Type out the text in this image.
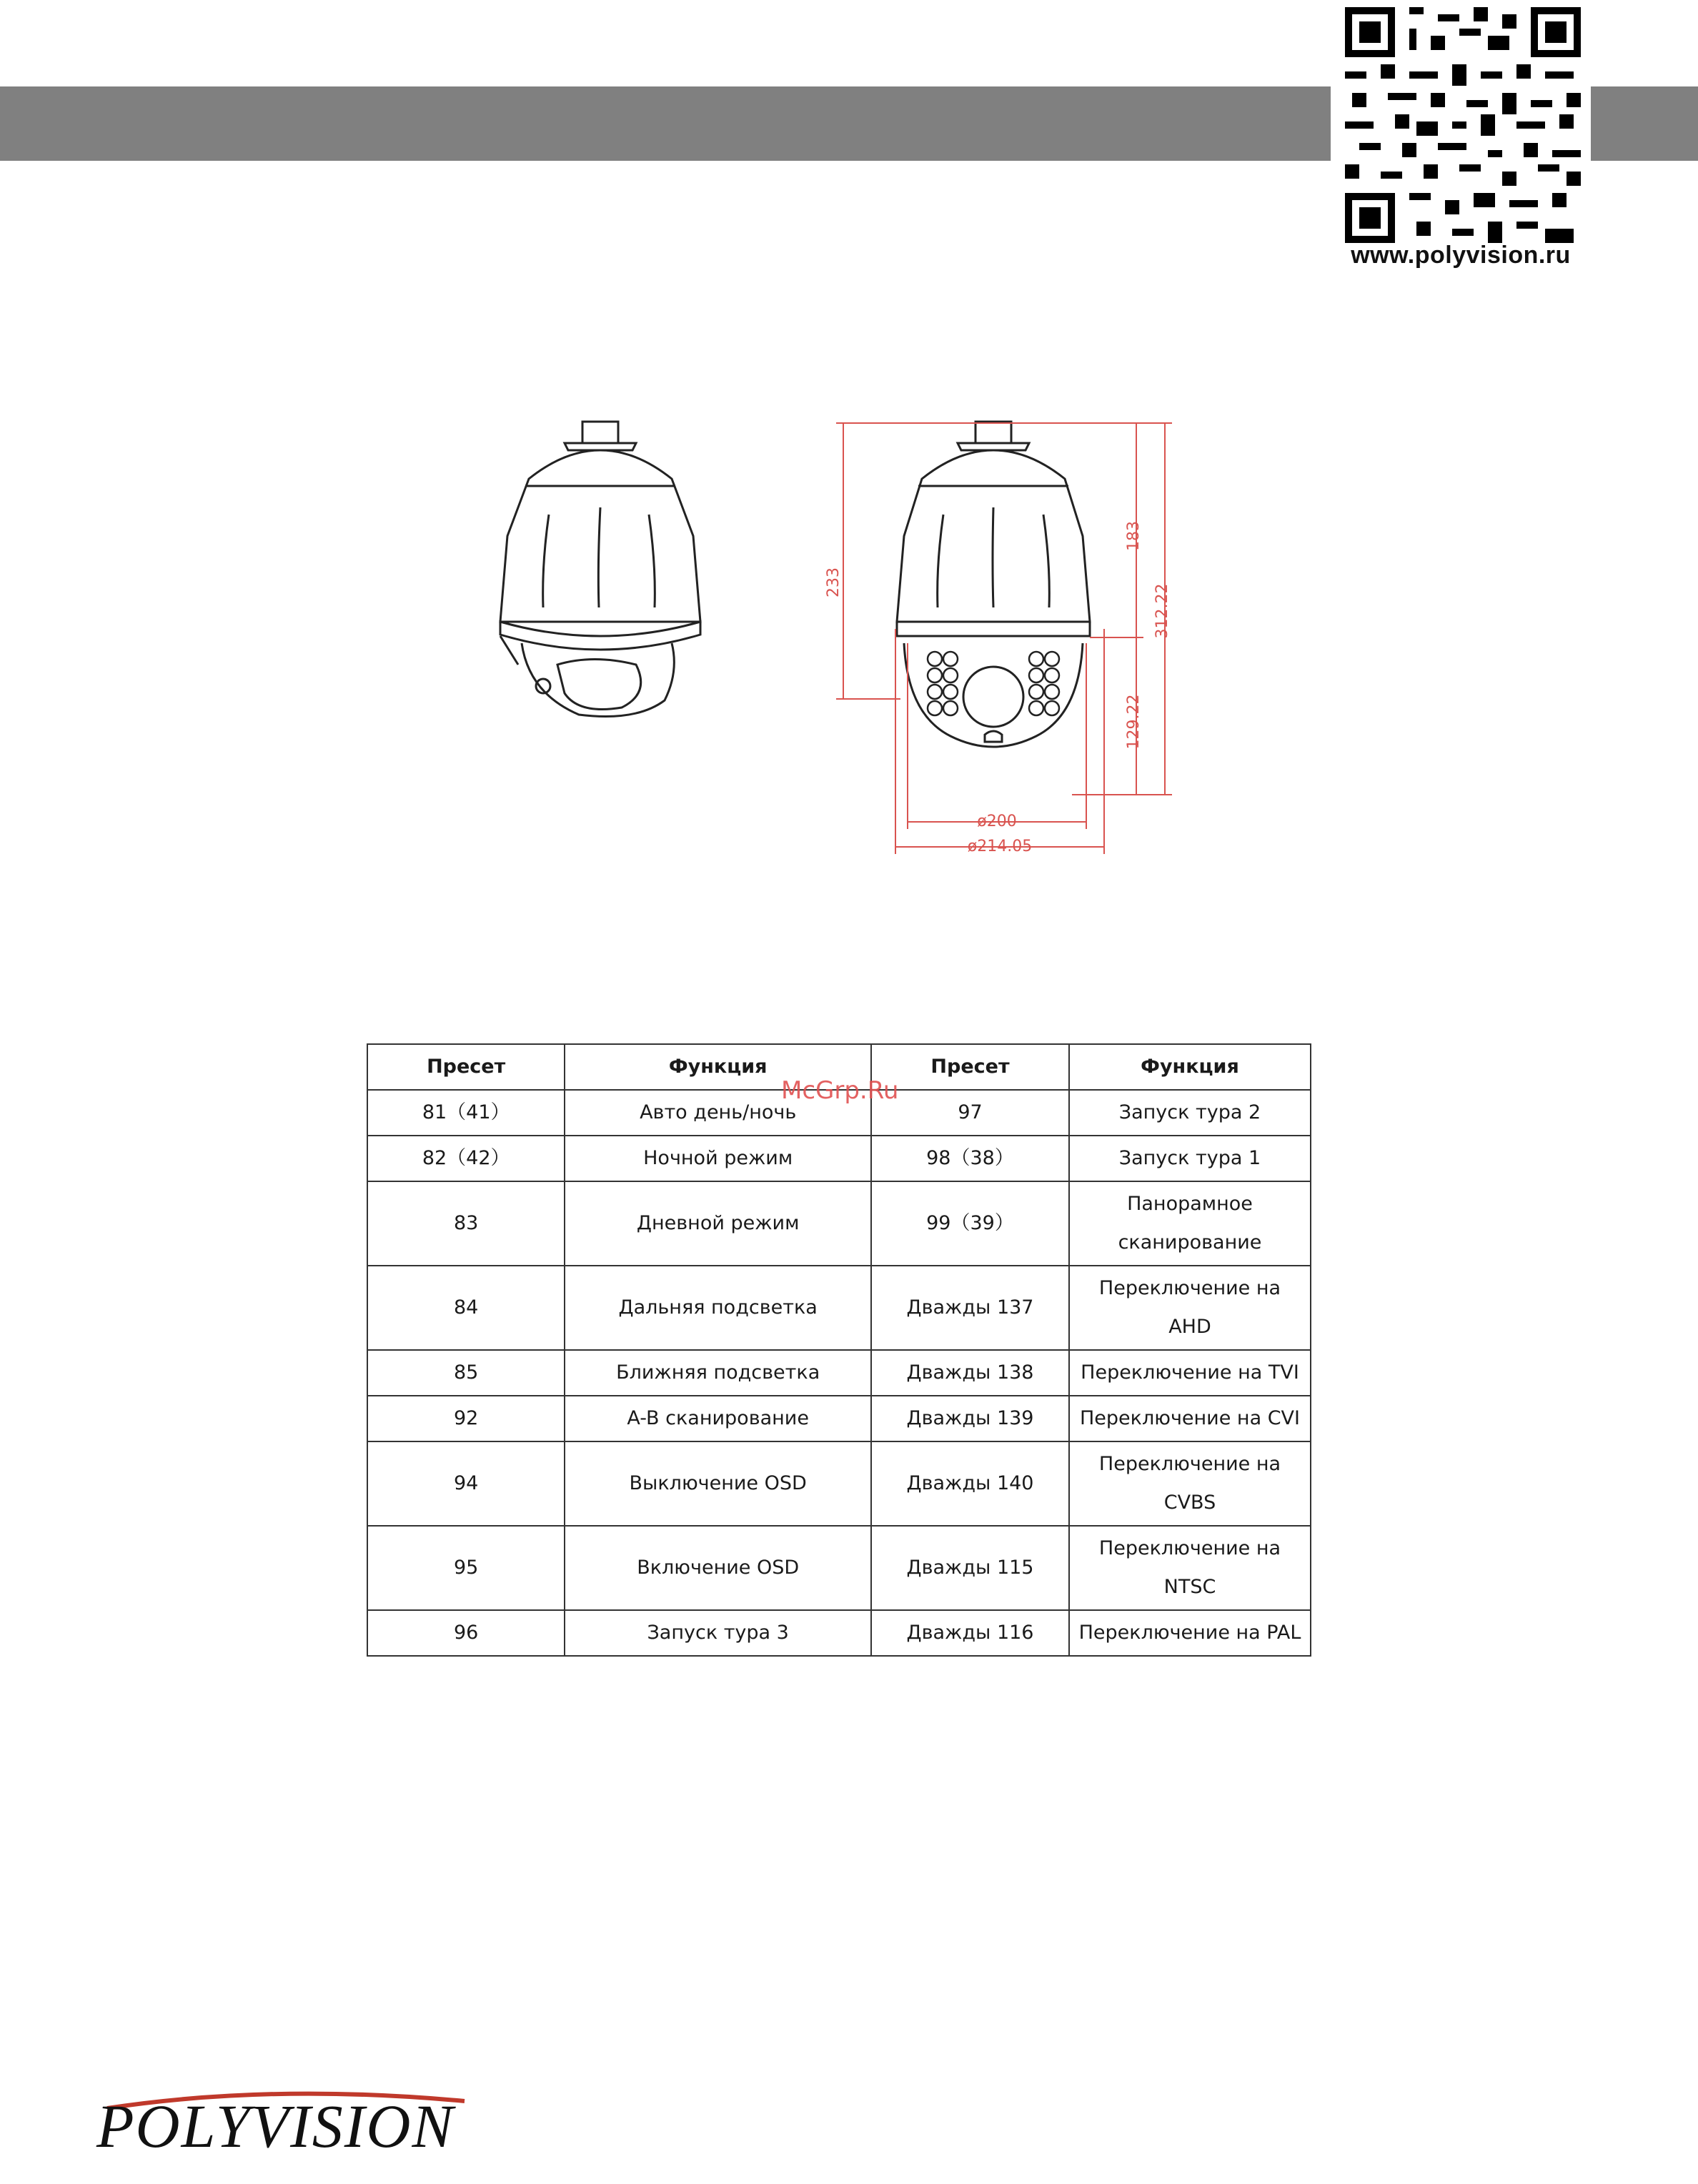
www.polyvision.ru
233
183
312.22
129.22
ø200
ø214.05
Пресет	Функция	Пресет	Функция
81（41）	Авто день/ночь	97	Запуск тура 2
82（42）	Ночной режим	98（38）	Запуск тура 1
83	Дневной режим	99（39）	Панорамное сканирование
84	Дальняя подсветка	Дважды 137	Переключение на AHD
85	Ближняя подсветка	Дважды 138	Переключение на TVI
92	A-B сканирование	Дважды 139	Переключение на CVI
94	Выключение OSD	Дважды 140	Переключение на CVBS
95	Включение OSD	Дважды 115	Переключение на NTSC
96	Запуск тура 3	Дважды 116	Переключение на PAL
McGrp.Ru
POLYVISION
